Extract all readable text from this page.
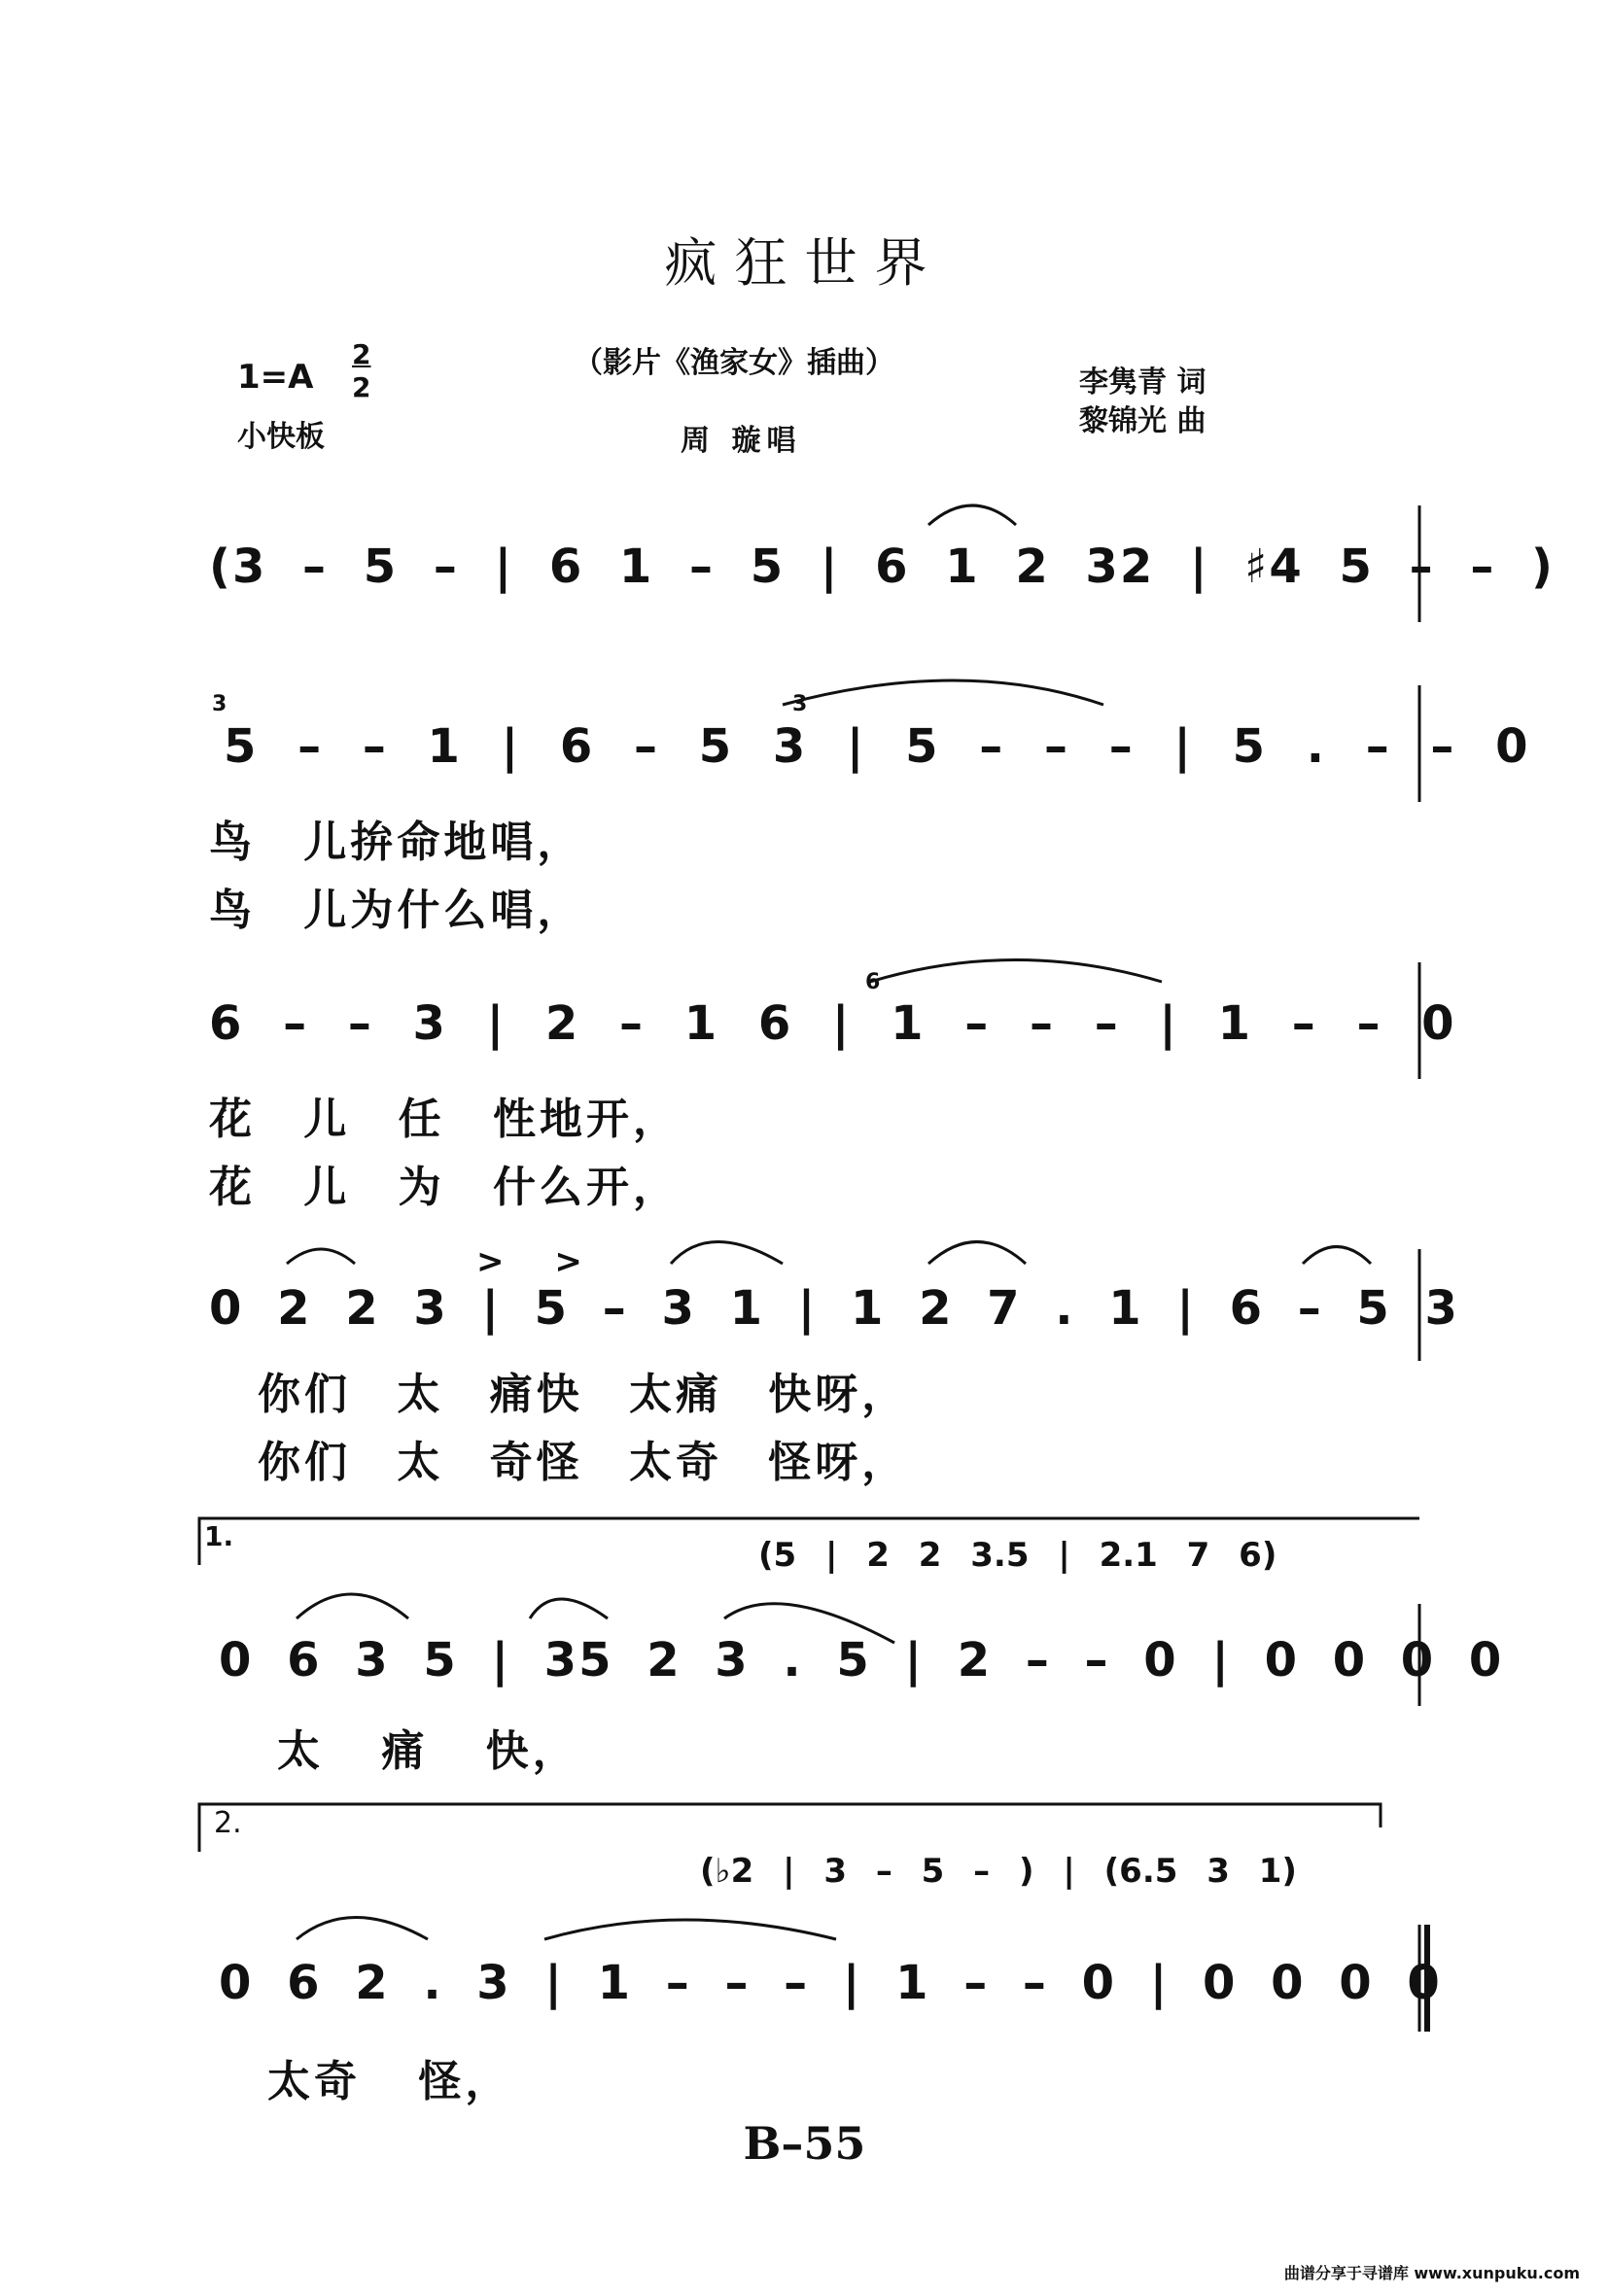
疯狂世界
（影片《渔家女》插曲）
1=A
2
2
小快板	周 璇唱
李隽青 词
黎锦光 曲
(3 – 5 – | 6 1 – 5 | 6 1 2 32 | ♯4 5 – – )
3	3
5 – – 1 | 6 – 5 3 | 5 – – – | 5 . – – 0
鸟 儿拚命地唱，
鸟 儿为什么唱，
6
6 – – 3 | 2 – 1 6 | 1 – – – | 1 – – 0
花 儿 任 性地开，
花 儿 为 什么开，
> >
0 2 2 3 | 5 – 3 1 | 1 2 7 . 1 | 6 – 5 3
你们 太 痛快 太痛 快呀，
你们 太 奇怪 太奇 怪呀，
1.	(5 | 2 2 3.5 | 2.1 7 6)
0 6 3 5 | 35 2 3 . 5 | 2 – – 0 | 0 0 0 0
太 痛 快，
2.
(♭2 | 3 – 5 – ) | (6.5 3 1)
0 6 2 . 3 | 1 – – – | 1 – – 0 | 0 0 0 0
太奇 怪，
B–55
曲谱分享于寻谱库 www.xunpuku.com
